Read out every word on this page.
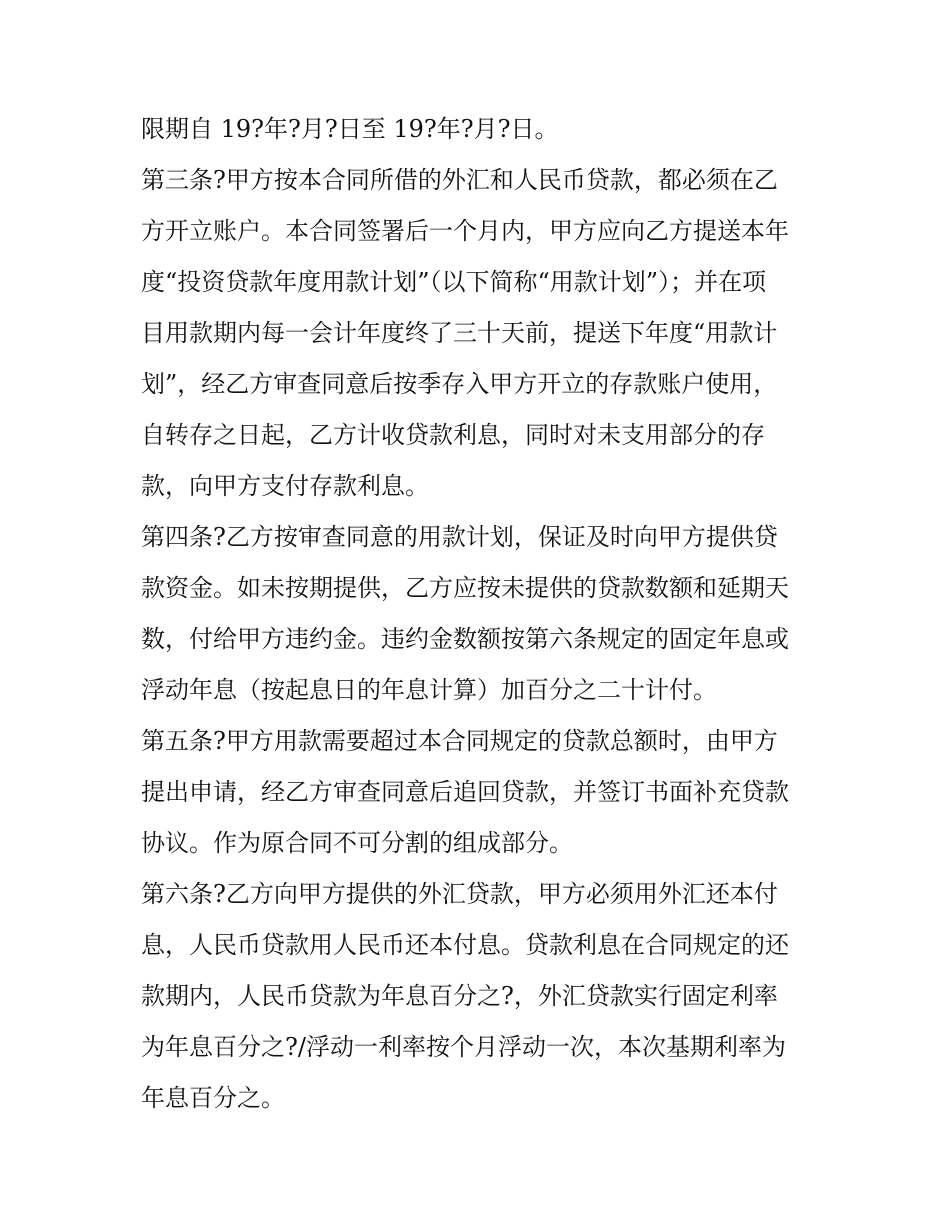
限期自 19?年?月?日至 19?年?月?日。
第三条?甲方按本合同所借的外汇和人民币贷款，都必须在乙
方开立账户。本合同签署后一个月内，甲方应向乙方提送本年
度“投资贷款年度用款计划”（以下简称“用款计划”）；并在项
目用款期内每一会计年度终了三十天前，提送下年度“用款计
划”，经乙方审查同意后按季存入甲方开立的存款账户使用，
自转存之日起，乙方计收贷款利息，同时对未支用部分的存
款，向甲方支付存款利息。
第四条?乙方按审查同意的用款计划，保证及时向甲方提供贷
款资金。如未按期提供，乙方应按未提供的贷款数额和延期天
数，付给甲方违约金。违约金数额按第六条规定的固定年息或
浮动年息（按起息日的年息计算）加百分之二十计付。
第五条?甲方用款需要超过本合同规定的贷款总额时，由甲方
提出申请，经乙方审查同意后追回贷款，并签订书面补充贷款
协议。作为原合同不可分割的组成部分。
第六条?乙方向甲方提供的外汇贷款，甲方必须用外汇还本付
息，人民币贷款用人民币还本付息。贷款利息在合同规定的还
款期内，人民币贷款为年息百分之?，外汇贷款实行固定利率
为年息百分之?/浮动一利率按个月浮动一次，本次基期利率为
年息百分之。
